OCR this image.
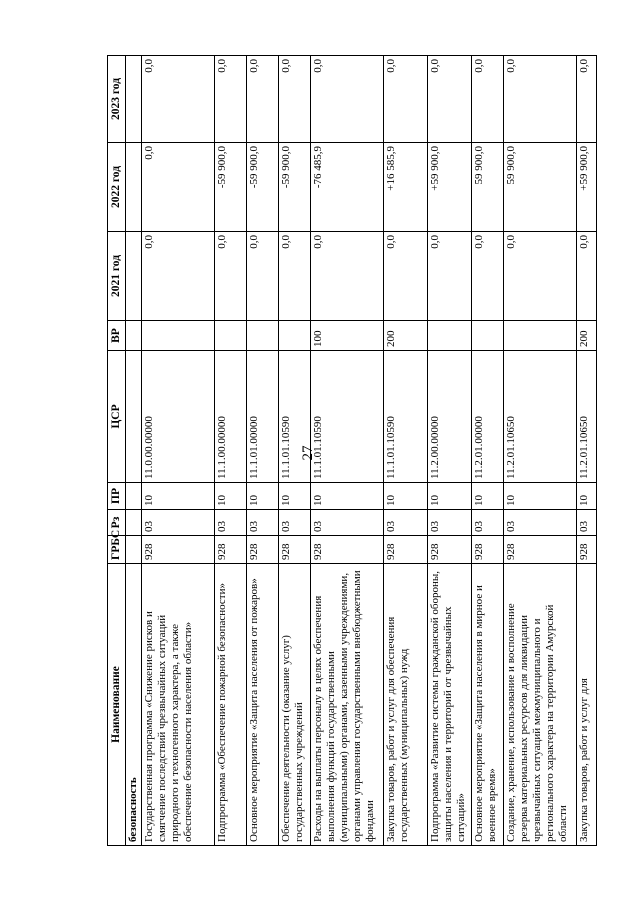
27
Наименование	ГРБС	Рз	ПР	ЦСР	ВР	2021 год	2022 год	2023 год
безопасность								
Государственная программа «Снижение рисков и смягчение последствий чрезвычайных ситуаций природного и техногенного характера, а также обеспечение безопасности населения области»	928	03	10	11.0.00.00000		0,0	0,0	0,0
Подпрограмма «Обеспечение пожарной безопасности»	928	03	10	11.1.00.00000		0,0	-59 900,0	0,0
Основное мероприятие «Защита населения от пожаров»	928	03	10	11.1.01.00000		0,0	-59 900,0	0,0
Обеспечение деятельности (оказание услуг) государственных учреждений	928	03	10	11.1.01.10590		0,0	-59 900,0	0,0
Расходы на выплаты персоналу в целях обеспечения выполнения функций государственными (муниципальными) органами, казенными учреждениями, органами управления государственными внебюджетными фондами	928	03	10	11.1.01.10590	100	0,0	-76 485,9	0,0
Закупка товаров, работ и услуг для обеспечения государственных (муниципальных) нужд	928	03	10	11.1.01.10590	200	0,0	+16 585,9	0,0
Подпрограмма «Развитие системы гражданской обороны, защиты населения и территорий от чрезвычайных ситуаций»	928	03	10	11.2.00.00000		0,0	+59 900,0	0,0
Основное мероприятие «Защита населения в мирное и военное время»	928	03	10	11.2.01.00000		0,0	59 900,0	0,0
Создание, хранение, использование и восполнение резерва материальных ресурсов для ликвидации чрезвычайных ситуаций межмуниципального и регионального характера на территории Амурской области	928	03	10	11.2.01.10650		0,0	59 900,0	0,0
Закупка товаров, работ и услуг для	928	03	10	11.2.01.10650	200	0,0	+59 900,0	0,0
